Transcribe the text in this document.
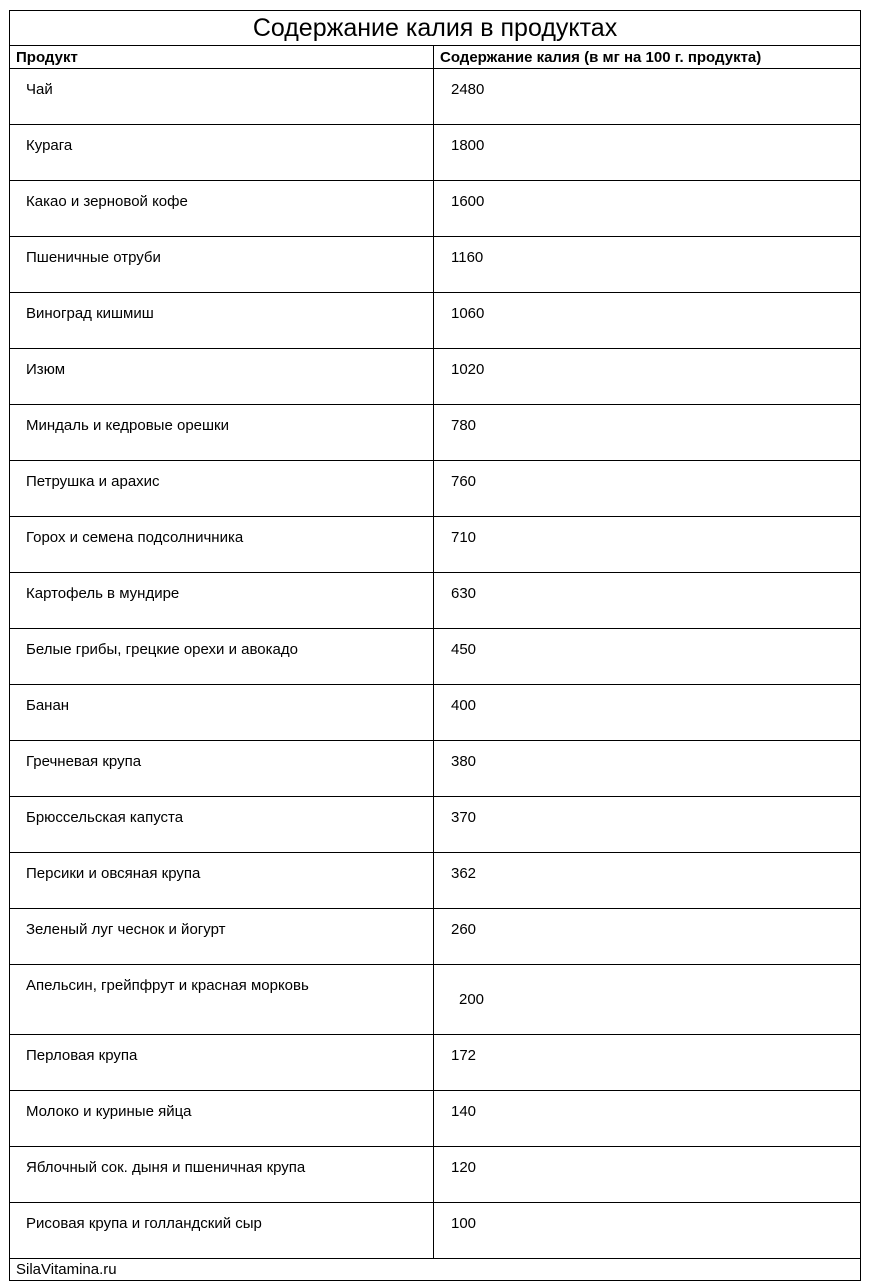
Содержание калия в продуктах	
Продукт	Содержание калия (в мг на 100 г. продукта)
Чай	2480
Курага	1800
Какао и зерновой кофе	1600
Пшеничные отруби	1160
Виноград кишмиш	1060
Изюм	1020
Миндаль и кедровые орешки	780
Петрушка и арахис	760
Горох и семена подсолничника	710
Картофель в мундире	630
Белые грибы, грецкие орехи и авокадо	450
Банан	400
Гречневая крупа	380
Брюссельская капуста	370
Персики и овсяная крупа	362
Зеленый луг чеснок и йогурт	260
Апельсин, грейпфрут и красная морковь	200
Перловая крупа	172
Молоко и куриные яйца	140
Яблочный сок. дыня и пшеничная крупа	120
Рисовая крупа и голландский сыр	100
SilaVitamina.ru	
